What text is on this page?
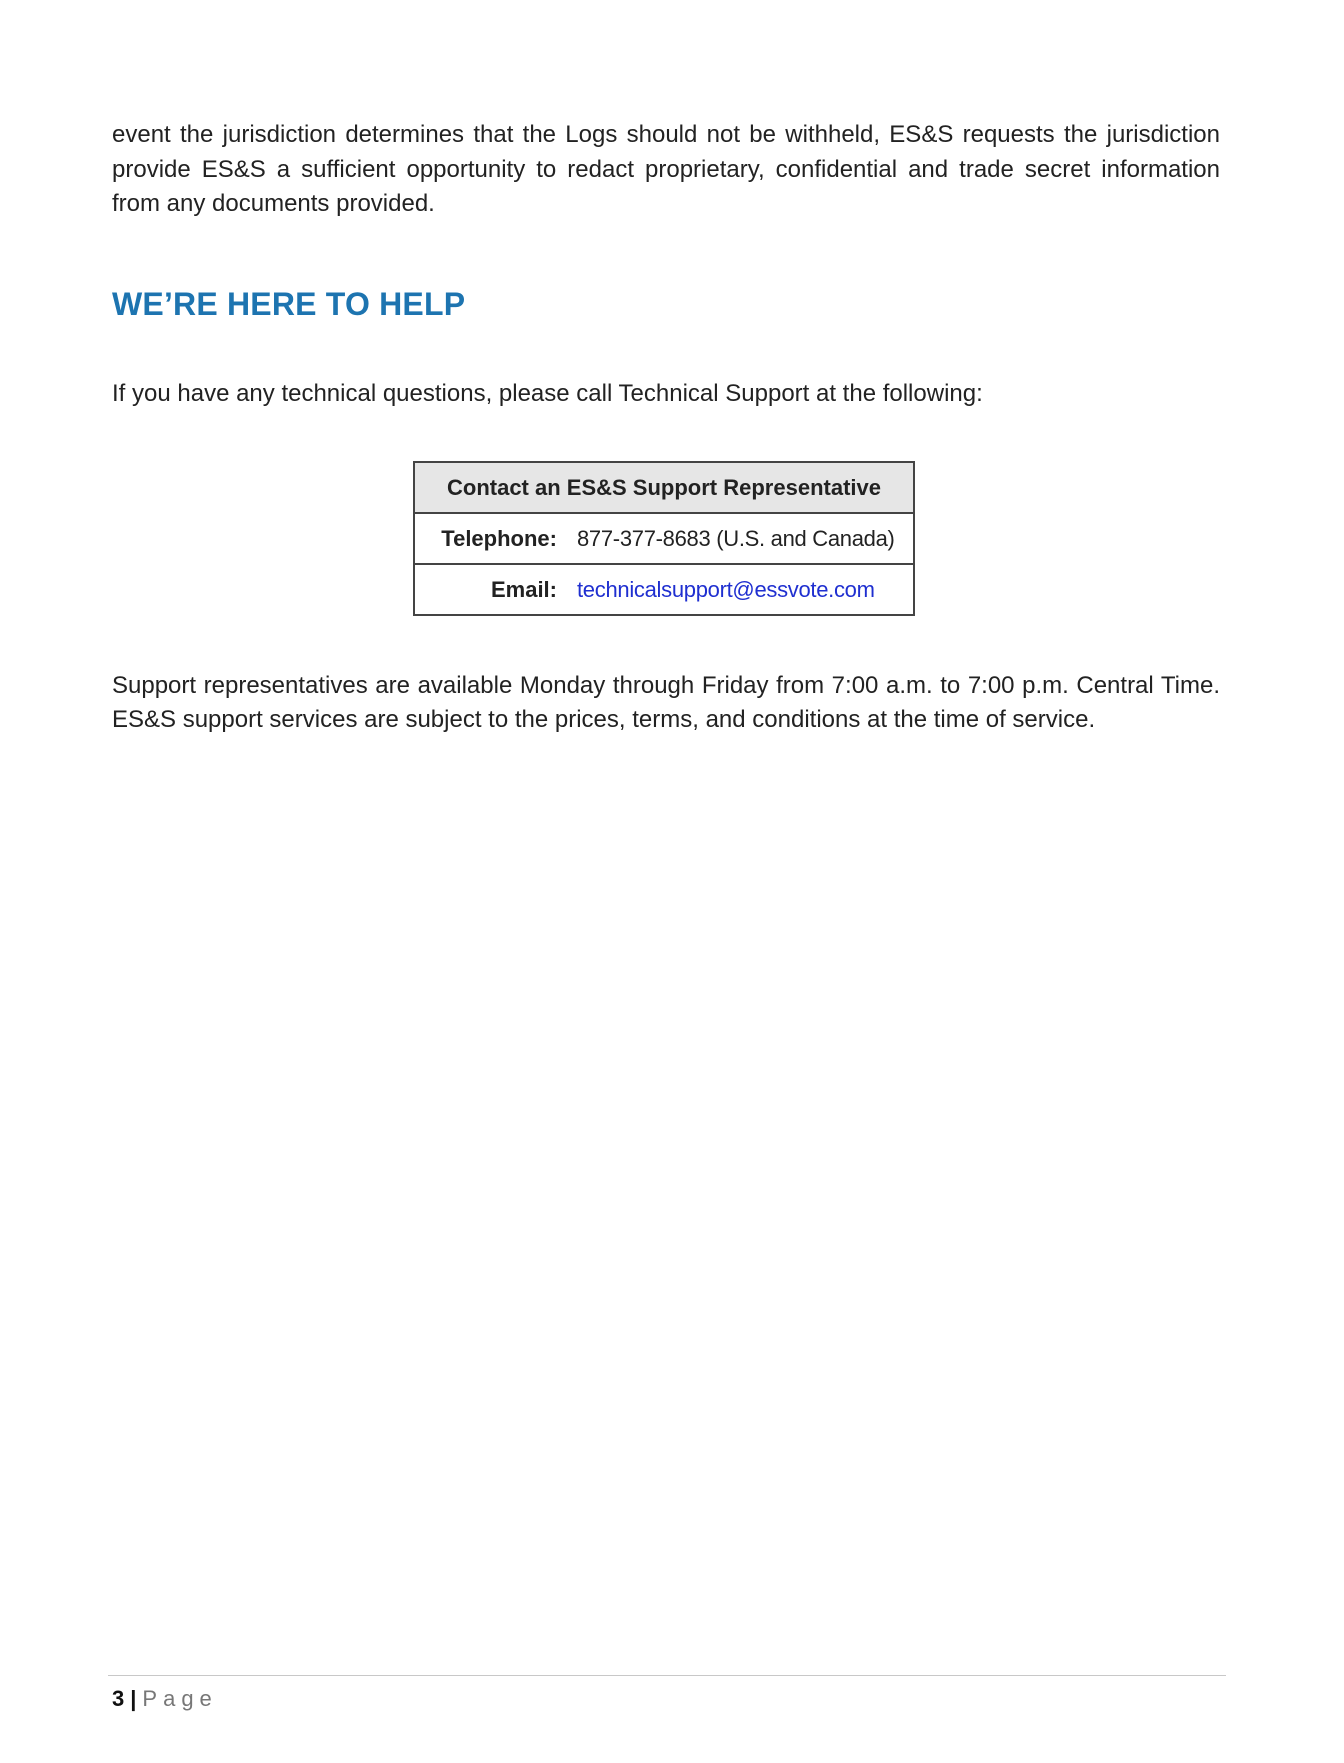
event the jurisdiction determines that the Logs should not be withheld, ES&S requests the jurisdiction provide ES&S a sufficient opportunity to redact proprietary, confidential and trade secret information from any documents provided.

WE’RE HERE TO HELP

If you have any technical questions, please call Technical Support at the following:

Contact an ES&S Support Representative	
Telephone:	877-377-8683 (U.S. and Canada)
Email:	technicalsupport@essvote.com

Support representatives are available Monday through Friday from 7:00 a.m. to 7:00 p.m. Central Time. ES&S support services are subject to the prices, terms, and conditions at the time of service.

3 | Page
